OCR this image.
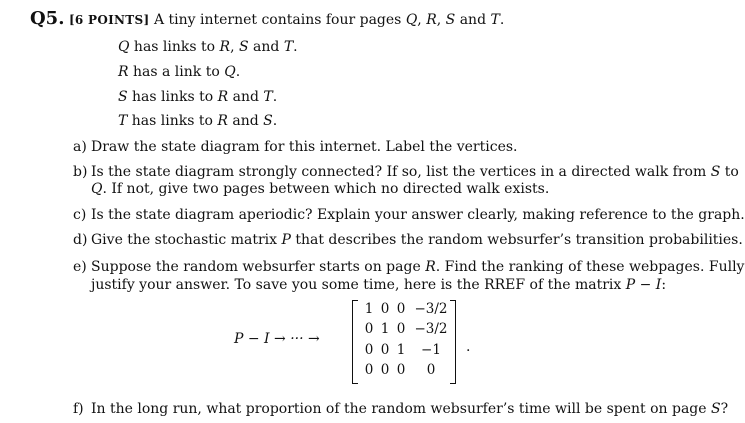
Q5. [6 POINTS] A tiny internet contains four pages Q, R, S and T.
Q has links to R, S and T.
R has a link to Q.
S has links to R and T.
T has links to R and S.
a) Draw the state diagram for this internet. Label the vertices.
b) Is the state diagram strongly connected? If so, list the vertices in a directed walk from S to
Q. If not, give two pages between which no directed walk exists.
c) Is the state diagram aperiodic? Explain your answer clearly, making reference to the graph.
d) Give the stochastic matrix P that describes the random websurfer’s transition probabilities.
e) Suppose the random websurfer starts on page R. Find the ranking of these webpages. Fully
justify your answer. To save you some time, here is the RREF of the matrix P − I:
P − I → ··· →
1 0 0 −3/2
0 1 0 −3/2
0 0 1	−1
0 0 0	0
.
f) In the long run, what proportion of the random websurfer’s time will be spent on page S?
